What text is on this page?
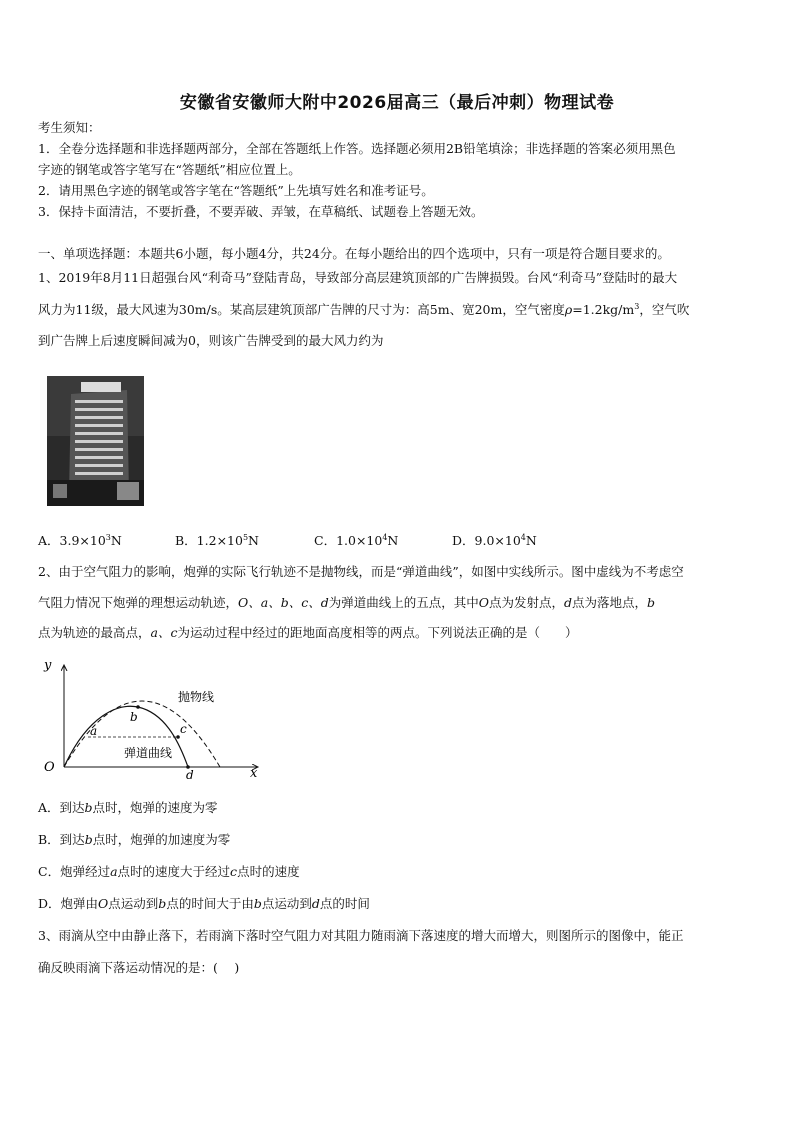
安徽省安徽师大附中2026届高三（最后冲刺）物理试卷
考生须知：
1．全卷分选择题和非选择题两部分，全部在答题纸上作答。选择题必须用2B铅笔填涂；非选择题的答案必须用黑色
字迹的钢笔或答字笔写在“答题纸”相应位置上。
2．请用黑色字迹的钢笔或答字笔在“答题纸”上先填写姓名和准考证号。
3．保持卡面清洁，不要折叠，不要弄破、弄皱，在草稿纸、试题卷上答题无效。
一、单项选择题：本题共6小题，每小题4分，共24分。在每小题给出的四个选项中，只有一项是符合题目要求的。
1、2019年8月11日超强台风“利奇马”登陆青岛，导致部分高层建筑顶部的广告牌损毁。台风“利奇马”登陆时的最大
风力为11级，最大风速为30m/s。某高层建筑顶部广告牌的尺寸为：高5m、宽20m，空气密度$\rho=1.2kg/m^3$，空气吹
到广告牌上后速度瞬间减为0，则该广告牌受到的最大风力约为
A．$3.9\times 10^3N$	B．$1.2\times 10^5N$	C．$1.0\times 10^4N$	D．$9.0\times 10^4N$
2、由于空气阻力的影响，炮弹的实际飞行轨迹不是抛物线，而是“弹道曲线”，如图中实线所示。图中虚线为不考虑空
气阻力情况下炮弹的理想运动轨迹，O、a、b、c、d为弹道曲线上的五点，其中O点为发射点，d点为落地点，b
点为轨迹的最高点，a、c为运动过程中经过的距地面高度相等的两点。下列说法正确的是（　　）
y
x
O
a
b
c
d
抛物线
弹道曲线
A．到达b点时，炮弹的速度为零
B．到达b点时，炮弹的加速度为零
C．炮弹经过a点时的速度大于经过c点时的速度
D．炮弹由O点运动到b点的时间大于由b点运动到d点的时间
3、雨滴从空中由静止落下，若雨滴下落时空气阻力对其阻力随雨滴下落速度的增大而增大，则图所示的图像中，能正
确反映雨滴下落运动情况的是：(　 )
